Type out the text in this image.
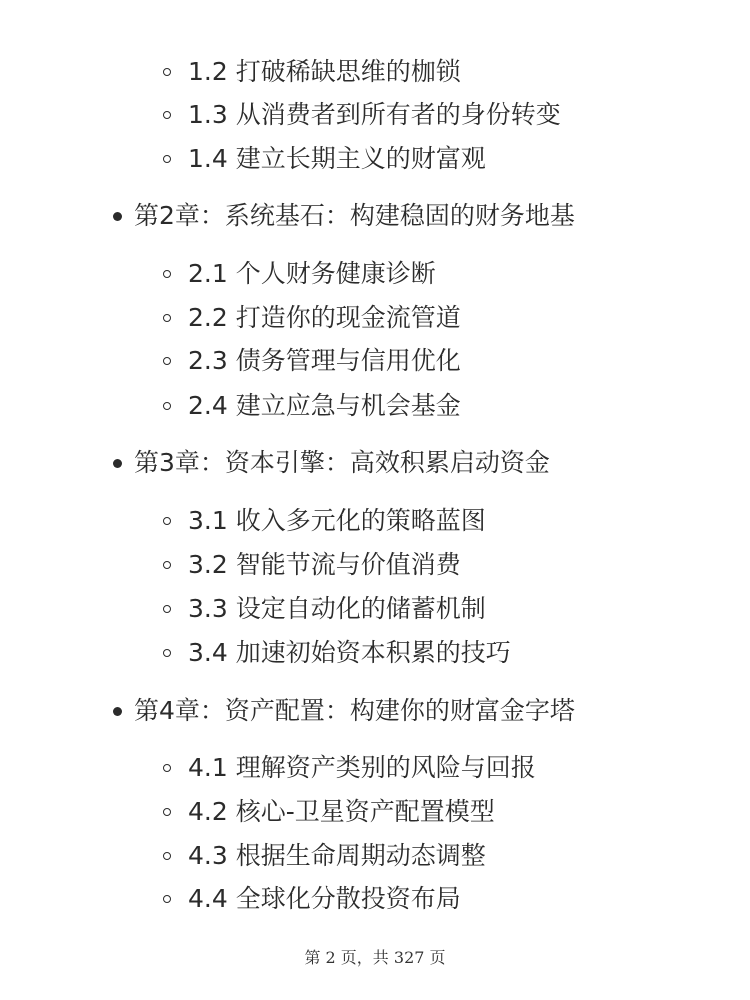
1.2 打破稀缺思维的枷锁
1.3 从消费者到所有者的身份转变
1.4 建立长期主义的财富观
第2章：系统基石：构建稳固的财务地基
2.1 个人财务健康诊断
2.2 打造你的现金流管道
2.3 债务管理与信用优化
2.4 建立应急与机会基金
第3章：资本引擎：高效积累启动资金
3.1 收入多元化的策略蓝图
3.2 智能节流与价值消费
3.3 设定自动化的储蓄机制
3.4 加速初始资本积累的技巧
第4章：资产配置：构建你的财富金字塔
4.1 理解资产类别的风险与回报
4.2 核心-卫星资产配置模型
4.3 根据生命周期动态调整
4.4 全球化分散投资布局
第 2 页，共 327 页
